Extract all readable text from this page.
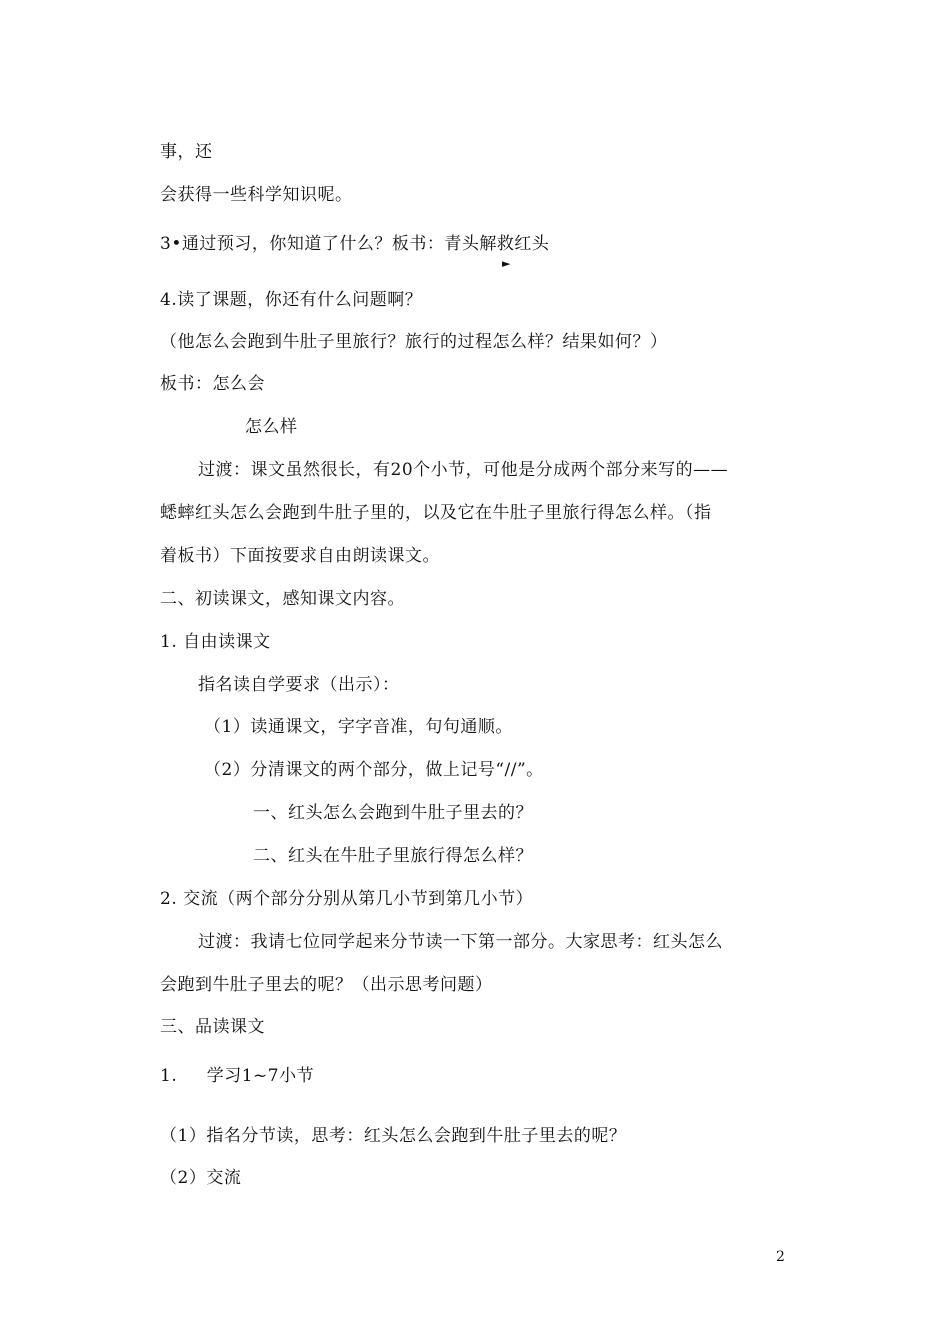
事，还
会获得一些科学知识呢。
3•通过预习，你知道了什么？板书：青头解救红头
►
4.读了课题，你还有什么问题啊？
（他怎么会跑到牛肚子里旅行？旅行的过程怎么样？结果如何？）
板书：怎么会
怎么样
过渡：课文虽然很长，有20个小节，可他是分成两个部分来写的——
蟋蟀红头怎么会跑到牛肚子里的，以及它在牛肚子里旅行得怎么样。（指
着板书）下面按要求自由朗读课文。
二、初读课文，感知课文内容。
1. 自由读课文
指名读自学要求（出示）：
（1）读通课文，字字音准，句句通顺。
（2）分清课文的两个部分，做上记号“//”。
一、红头怎么会跑到牛肚子里去的？
二、红头在牛肚子里旅行得怎么样？
2. 交流（两个部分分别从第几小节到第几小节）
过渡：我请七位同学起来分节读一下第一部分。大家思考：红头怎么
会跑到牛肚子里去的呢？（出示思考问题）
三、品读课文
1.     学习1~7小节
（1）指名分节读，思考：红头怎么会跑到牛肚子里去的呢？
（2）交流
2
